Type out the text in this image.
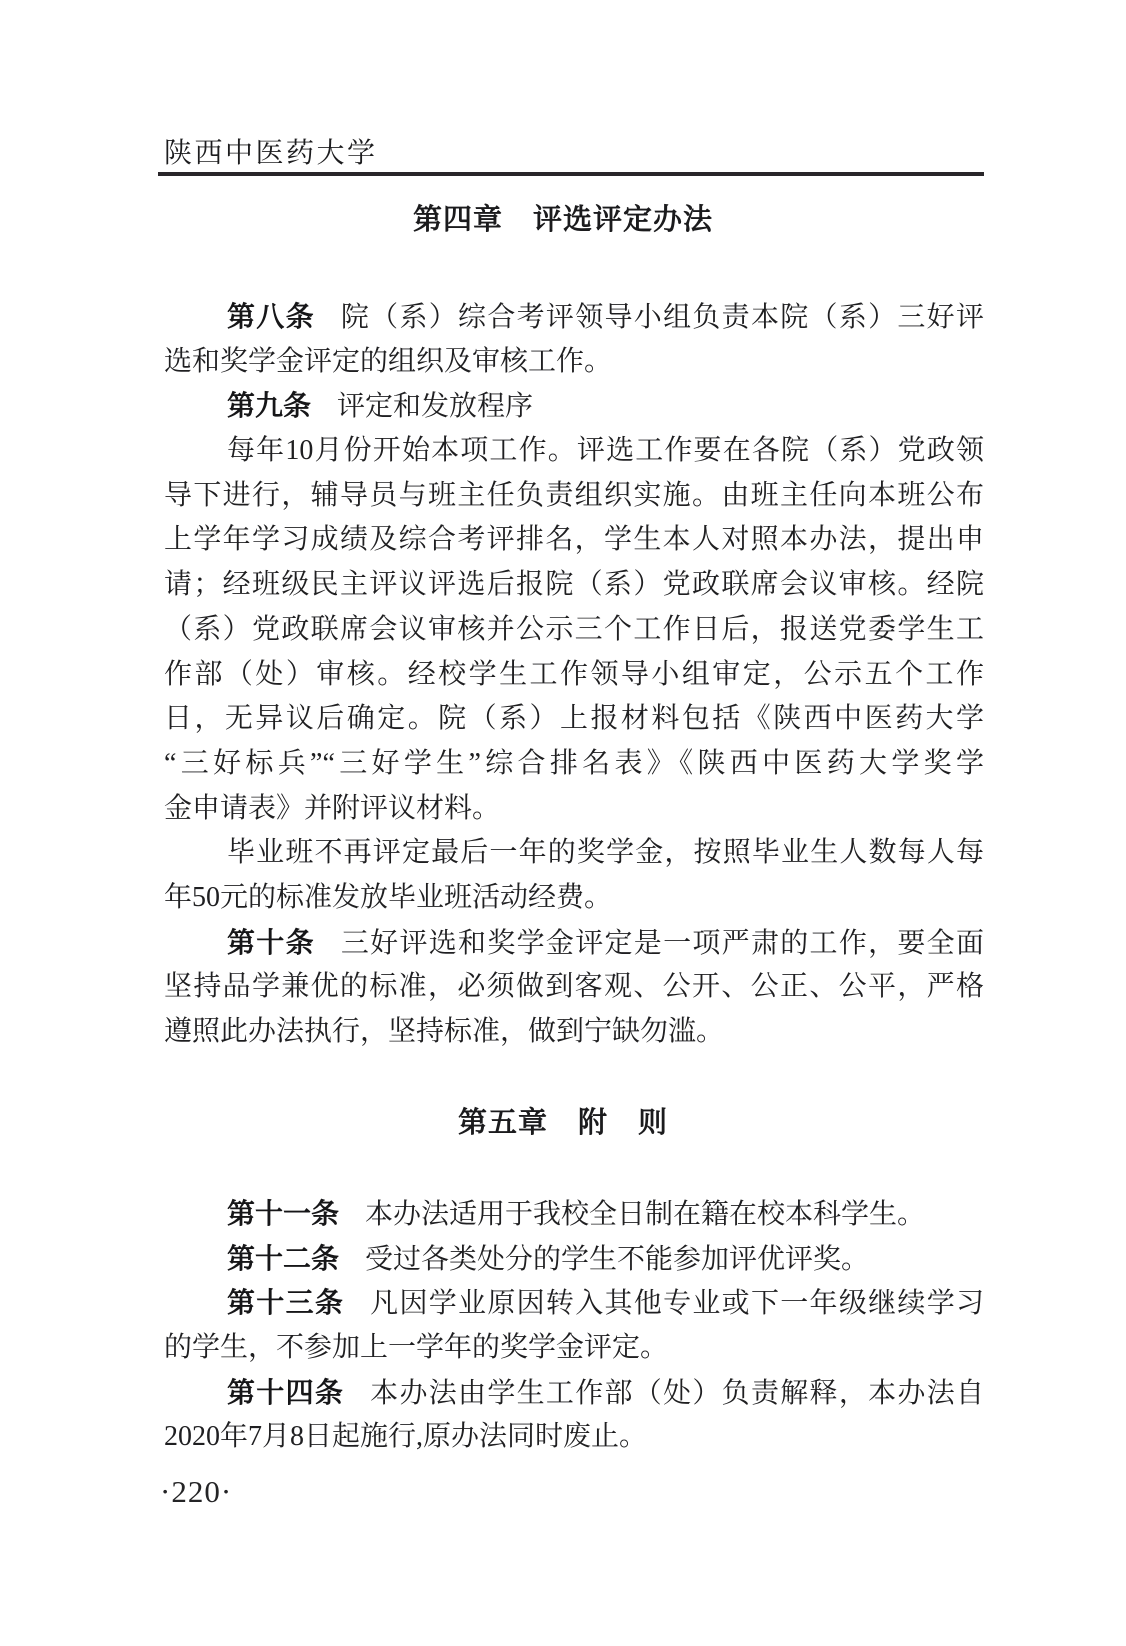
陕西中医药大学
第四章　评选评定办法
第八条 院（系）综合考评领导小组负责本院（系）三好评
选和奖学金评定的组织及审核工作。
第九条 评定和发放程序
每年10月份开始本项工作。评选工作要在各院（系）党政领
导下进行，辅导员与班主任负责组织实施。由班主任向本班公布
上学年学习成绩及综合考评排名，学生本人对照本办法，提出申
请；经班级民主评议评选后报院（系）党政联席会议审核。经院
（系）党政联席会议审核并公示三个工作日后，报送党委学生工
作部（处）审核。经校学生工作领导小组审定，公示五个工作
日，无异议后确定。院（系）上报材料包括《陕西中医药大学
“三好标兵”“三好学生”综合排名表》《陕西中医药大学奖学
金申请表》并附评议材料。
毕业班不再评定最后一年的奖学金，按照毕业生人数每人每
年50元的标准发放毕业班活动经费。
第十条 三好评选和奖学金评定是一项严肃的工作，要全面
坚持品学兼优的标准，必须做到客观、公开、公正、公平，严格
遵照此办法执行，坚持标准，做到宁缺勿滥。
第五章　附　则
第十一条 本办法适用于我校全日制在籍在校本科学生。
第十二条 受过各类处分的学生不能参加评优评奖。
第十三条 凡因学业原因转入其他专业或下一年级继续学习
的学生，不参加上一学年的奖学金评定。
第十四条 本办法由学生工作部（处）负责解释，本办法自
2020年7月8日起施行,原办法同时废止。
·220·
